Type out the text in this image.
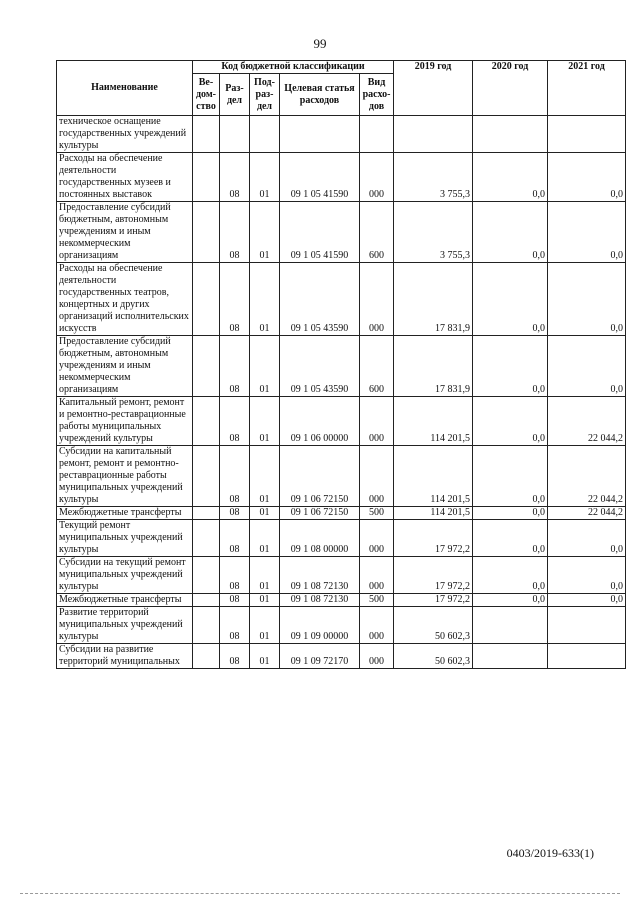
99
Наименование	Код бюджетной классификации					2019 год	2020 год	2021 год
	Ве-дом-ство	Раз-дел	Под-раз-дел	Целевая статья расходов	Вид расхо-дов			
техническое оснащение государственных учреждений культуры								
Расходы на обеспечение деятельности государственных музеев и постоянных выставок		08	01	09 1 05 41590	000	3 755,3	0,0	0,0
Предоставление субсидий бюджетным, автономным учреждениям и иным некоммерческим организациям		08	01	09 1 05 41590	600	3 755,3	0,0	0,0
Расходы на обеспечение деятельности государственных театров, концертных и других организаций исполнительских искусств		08	01	09 1 05 43590	000	17 831,9	0,0	0,0
Предоставление субсидий бюджетным, автономным учреждениям и иным некоммерческим организациям		08	01	09 1 05 43590	600	17 831,9	0,0	0,0
Капитальный ремонт, ремонт и ремонтно-реставрационные работы муниципальных учреждений культуры		08	01	09 1 06 00000	000	114 201,5	0,0	22 044,2
Субсидии на капитальный ремонт, ремонт и ремонтно-реставрационные работы муниципальных учреждений культуры		08	01	09 1 06 72150	000	114 201,5	0,0	22 044,2
Межбюджетные трансферты		08	01	09 1 06 72150	500	114 201,5	0,0	22 044,2
Текущий ремонт муниципальных учреждений культуры		08	01	09 1 08 00000	000	17 972,2	0,0	0,0
Субсидии на текущий ремонт муниципальных учреждений культуры		08	01	09 1 08 72130	000	17 972,2	0,0	0,0
Межбюджетные трансферты		08	01	09 1 08 72130	500	17 972,2	0,0	0,0
Развитие территорий муниципальных учреждений культуры		08	01	09 1 09 00000	000	50 602,3		
Субсидии на развитие территорий муниципальных		08	01	09 1 09 72170	000	50 602,3		
0403/2019-633(1)
